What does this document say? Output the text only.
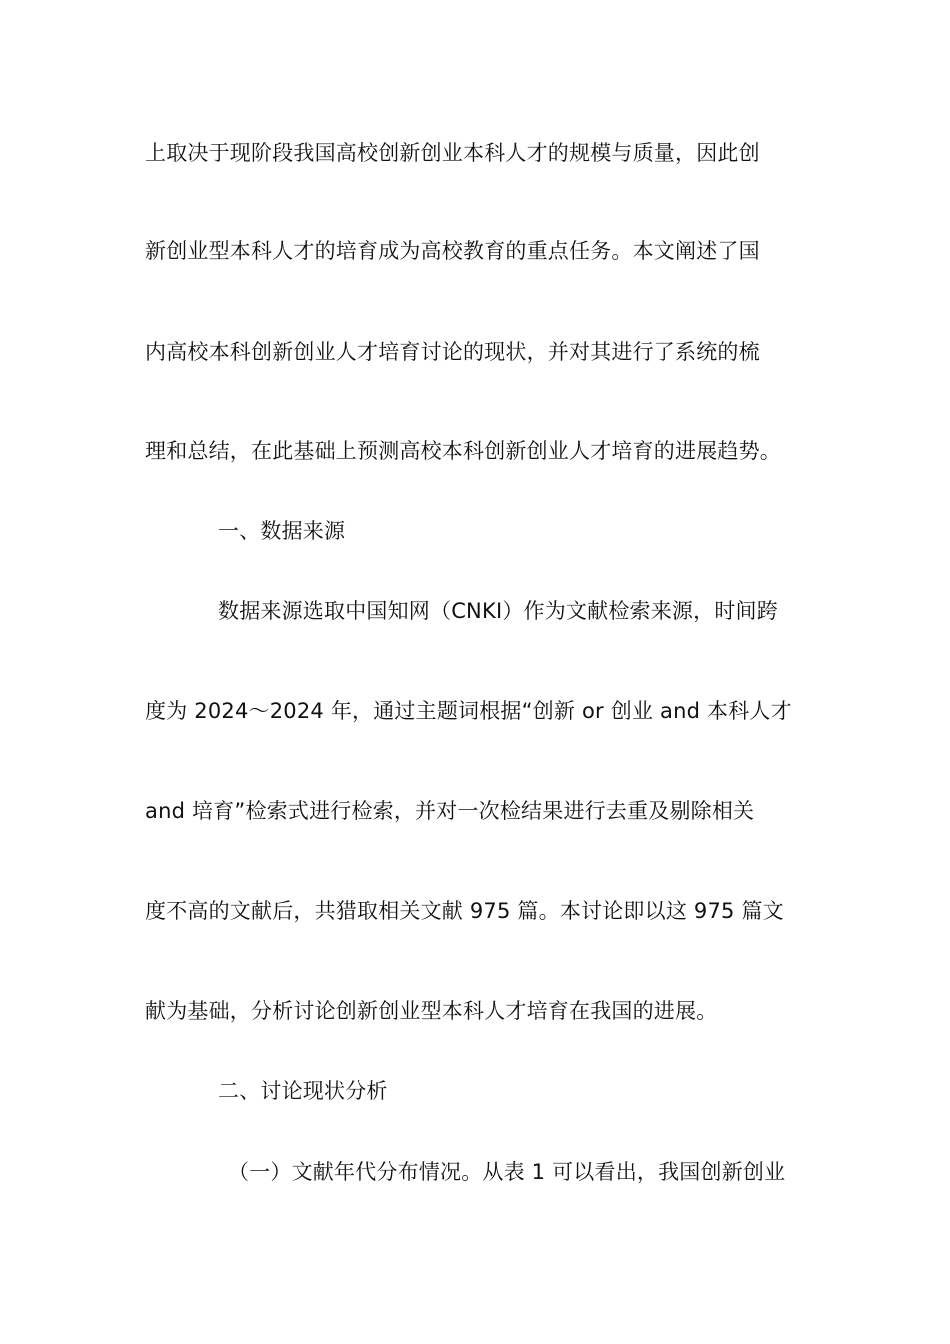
上取决于现阶段我国高校创新创业本科人才的规模与质量，因此创
新创业型本科人才的培育成为高校教育的重点任务。本文阐述了国
内高校本科创新创业人才培育讨论的现状，并对其进行了系统的梳
理和总结，在此基础上预测高校本科创新创业人才培育的进展趋势。
一、数据来源
数据来源选取中国知网（CNKI）作为文献检索来源，时间跨
度为 2024～2024 年，通过主题词根据“创新 or 创业 and 本科人才
and 培育”检索式进行检索，并对一次检结果进行去重及剔除相关
度不高的文献后，共猎取相关文献 975 篇。本讨论即以这 975 篇文
献为基础，分析讨论创新创业型本科人才培育在我国的进展。
二、讨论现状分析
（一）文献年代分布情况。从表 1 可以看出，我国创新创业
